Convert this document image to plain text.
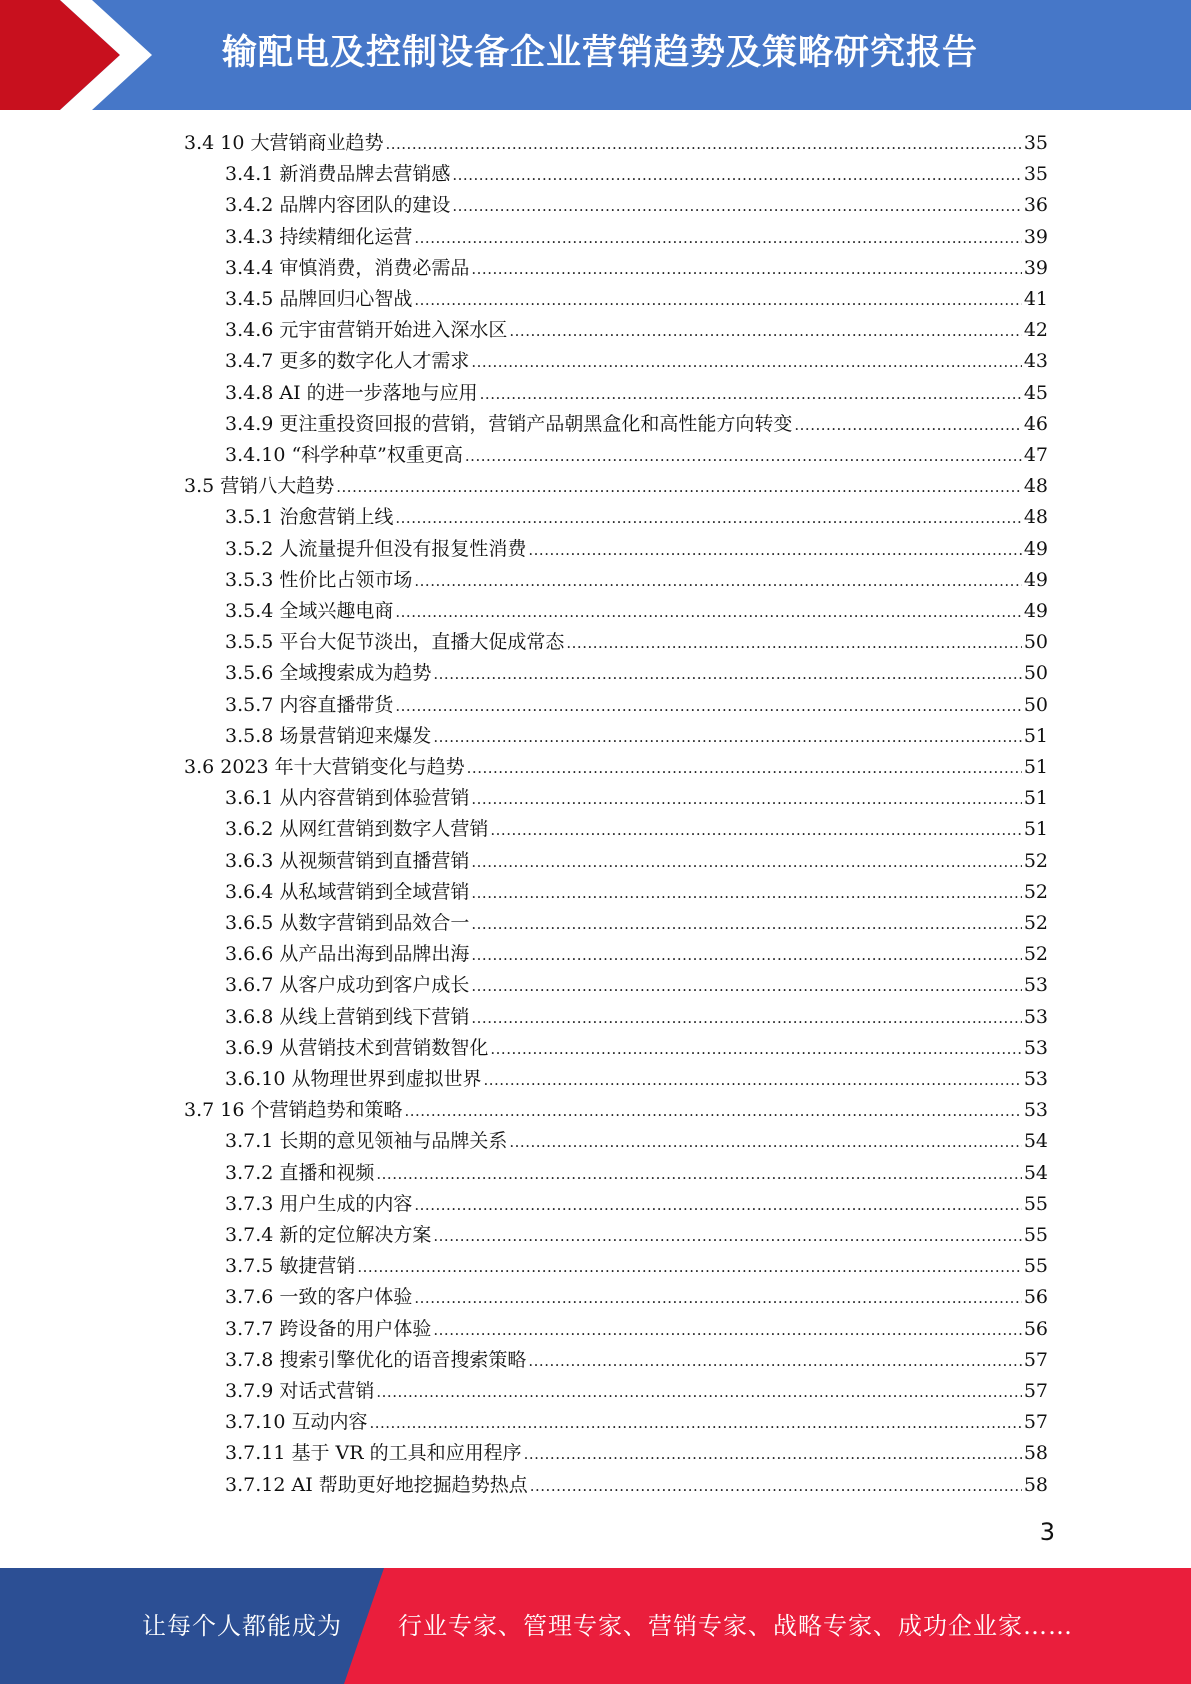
输配电及控制设备企业营销趋势及策略研究报告
3.4 10 大营销商业趋势 .....	35
3.4.1 新消费品牌去营销感 .....	35
3.4.2 品牌内容团队的建设 .....	36
3.4.3 持续精细化运营 .....	39
3.4.4 审慎消费，消费必需品 .....	39
3.4.5 品牌回归心智战 .....	41
3.4.6 元宇宙营销开始进入深水区 .....	42
3.4.7 更多的数字化人才需求 .....	43
3.4.8 AI 的进一步落地与应用 .....	45
3.4.9 更注重投资回报的营销，营销产品朝黑盒化和高性能方向转变 .....	46
3.4.10 “科学种草”权重更高 .....	47
3.5 营销八大趋势 .....	48
3.5.1 治愈营销上线 .....	48
3.5.2 人流量提升但没有报复性消费 .....	49
3.5.3 性价比占领市场 .....	49
3.5.4 全域兴趣电商 .....	49
3.5.5 平台大促节淡出，直播大促成常态 .....	50
3.5.6 全域搜索成为趋势 .....	50
3.5.7 内容直播带货 .....	50
3.5.8 场景营销迎来爆发 .....	51
3.6 2023 年十大营销变化与趋势 .....	51
3.6.1 从内容营销到体验营销 .....	51
3.6.2 从网红营销到数字人营销 .....	51
3.6.3 从视频营销到直播营销 .....	52
3.6.4 从私域营销到全域营销 .....	52
3.6.5 从数字营销到品效合一 .....	52
3.6.6 从产品出海到品牌出海 .....	52
3.6.7 从客户成功到客户成长 .....	53
3.6.8 从线上营销到线下营销 .....	53
3.6.9 从营销技术到营销数智化 .....	53
3.6.10 从物理世界到虚拟世界 .....	53
3.7 16 个营销趋势和策略 .....	53
3.7.1 长期的意见领袖与品牌关系 .....	54
3.7.2 直播和视频 .....	54
3.7.3 用户生成的内容 .....	55
3.7.4 新的定位解决方案 .....	55
3.7.5 敏捷营销 .....	55
3.7.6 一致的客户体验 .....	56
3.7.7 跨设备的用户体验 .....	56
3.7.8 搜索引擎优化的语音搜索策略 .....	57
3.7.9 对话式营销 .....	57
3.7.10 互动内容 .....	57
3.7.11 基于 VR 的工具和应用程序 .....	58
3.7.12 AI 帮助更好地挖掘趋势热点 .....	58
3
让每个人都能成为 行业专家、管理专家、营销专家、战略专家、成功企业家……
